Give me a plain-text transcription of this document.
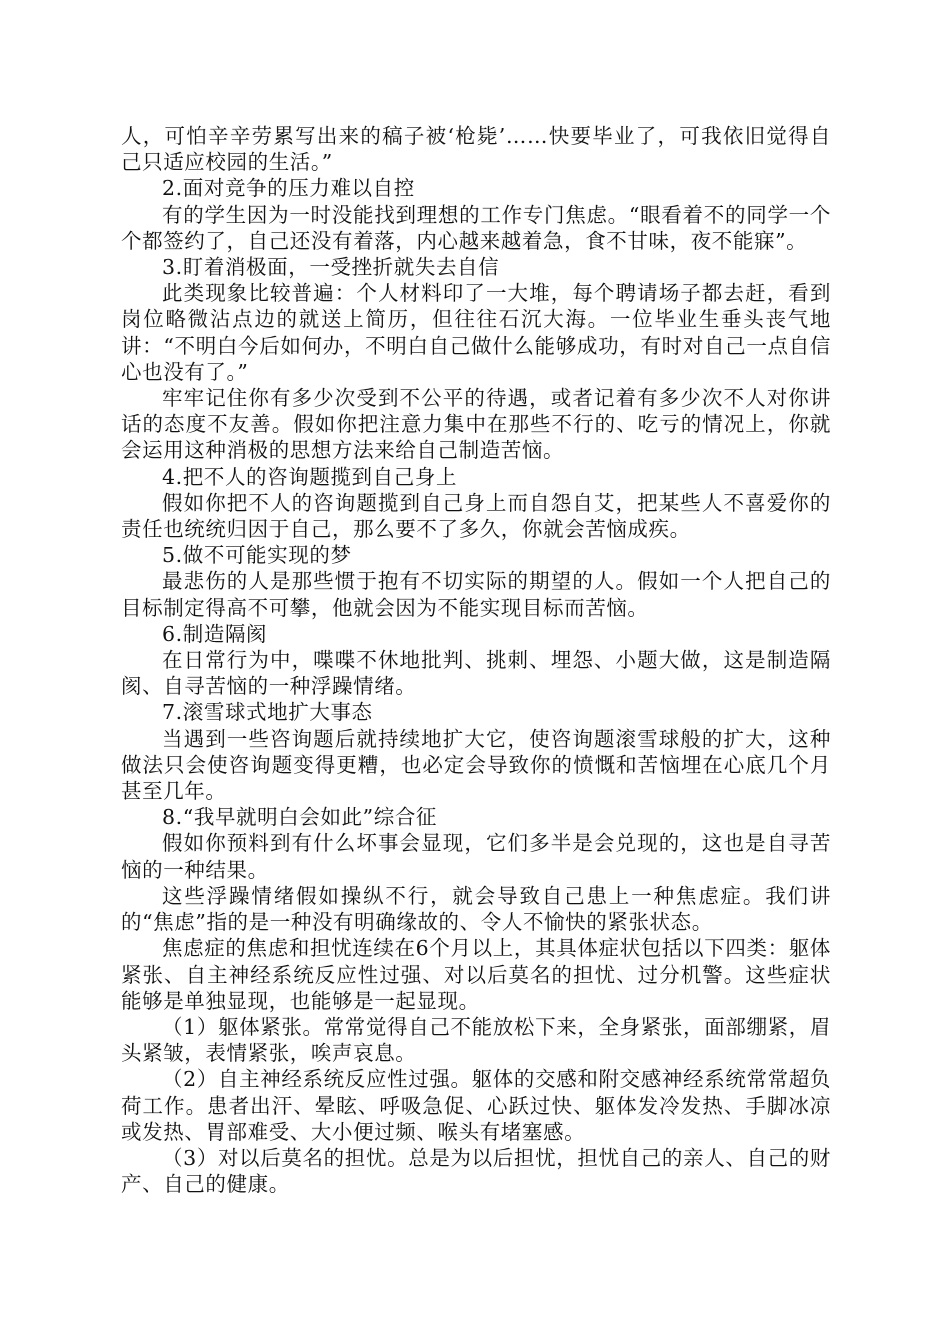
人，可怕辛辛劳累写出来的稿子被‘枪毙’……快要毕业了，可我依旧觉得自己只适应校园的生活。”

2.面对竞争的压力难以自控

有的学生因为一时没能找到理想的工作专门焦虑。“眼看着不的同学一个个都签约了，自己还没有着落，内心越来越着急，食不甘味，夜不能寐”。

3.盯着消极面，一受挫折就失去自信

此类现象比较普遍：个人材料印了一大堆，每个聘请场子都去赶，看到岗位略微沾点边的就送上简历，但往往石沉大海。一位毕业生垂头丧气地讲：“不明白今后如何办，不明白自己做什么能够成功，有时对自己一点自信心也没有了。”

牢牢记住你有多少次受到不公平的待遇，或者记着有多少次不人对你讲话的态度不友善。假如你把注意力集中在那些不行的、吃亏的情况上，你就会运用这种消极的思想方法来给自己制造苦恼。

4.把不人的咨询题揽到自己身上

假如你把不人的咨询题揽到自己身上而自怨自艾，把某些人不喜爱你的责任也统统归因于自己，那么要不了多久，你就会苦恼成疾。

5.做不可能实现的梦

最悲伤的人是那些惯于抱有不切实际的期望的人。假如一个人把自己的目标制定得高不可攀，他就会因为不能实现目标而苦恼。

6.制造隔阂

在日常行为中，喋喋不休地批判、挑刺、埋怨、小题大做，这是制造隔阂、自寻苦恼的一种浮躁情绪。

7.滚雪球式地扩大事态

当遇到一些咨询题后就持续地扩大它，使咨询题滚雪球般的扩大，这种做法只会使咨询题变得更糟，也必定会导致你的愤慨和苦恼埋在心底几个月甚至几年。

8.“我早就明白会如此”综合征

假如你预料到有什么坏事会显现，它们多半是会兑现的，这也是自寻苦恼的一种结果。

这些浮躁情绪假如操纵不行，就会导致自己患上一种焦虑症。我们讲的“焦虑”指的是一种没有明确缘故的、令人不愉快的紧张状态。

焦虑症的焦虑和担忧连续在6个月以上，其具体症状包括以下四类：躯体紧张、自主神经系统反应性过强、对以后莫名的担忧、过分机警。这些症状能够是单独显现，也能够是一起显现。

（1）躯体紧张。常常觉得自己不能放松下来，全身紧张，面部绷紧，眉头紧皱，表情紧张，唉声哀息。

（2）自主神经系统反应性过强。躯体的交感和附交感神经系统常常超负荷工作。患者出汗、晕眩、呼吸急促、心跃过快、躯体发冷发热、手脚冰凉或发热、胃部难受、大小便过频、喉头有堵塞感。

（3）对以后莫名的担忧。总是为以后担忧，担忧自己的亲人、自己的财产、自己的健康。
